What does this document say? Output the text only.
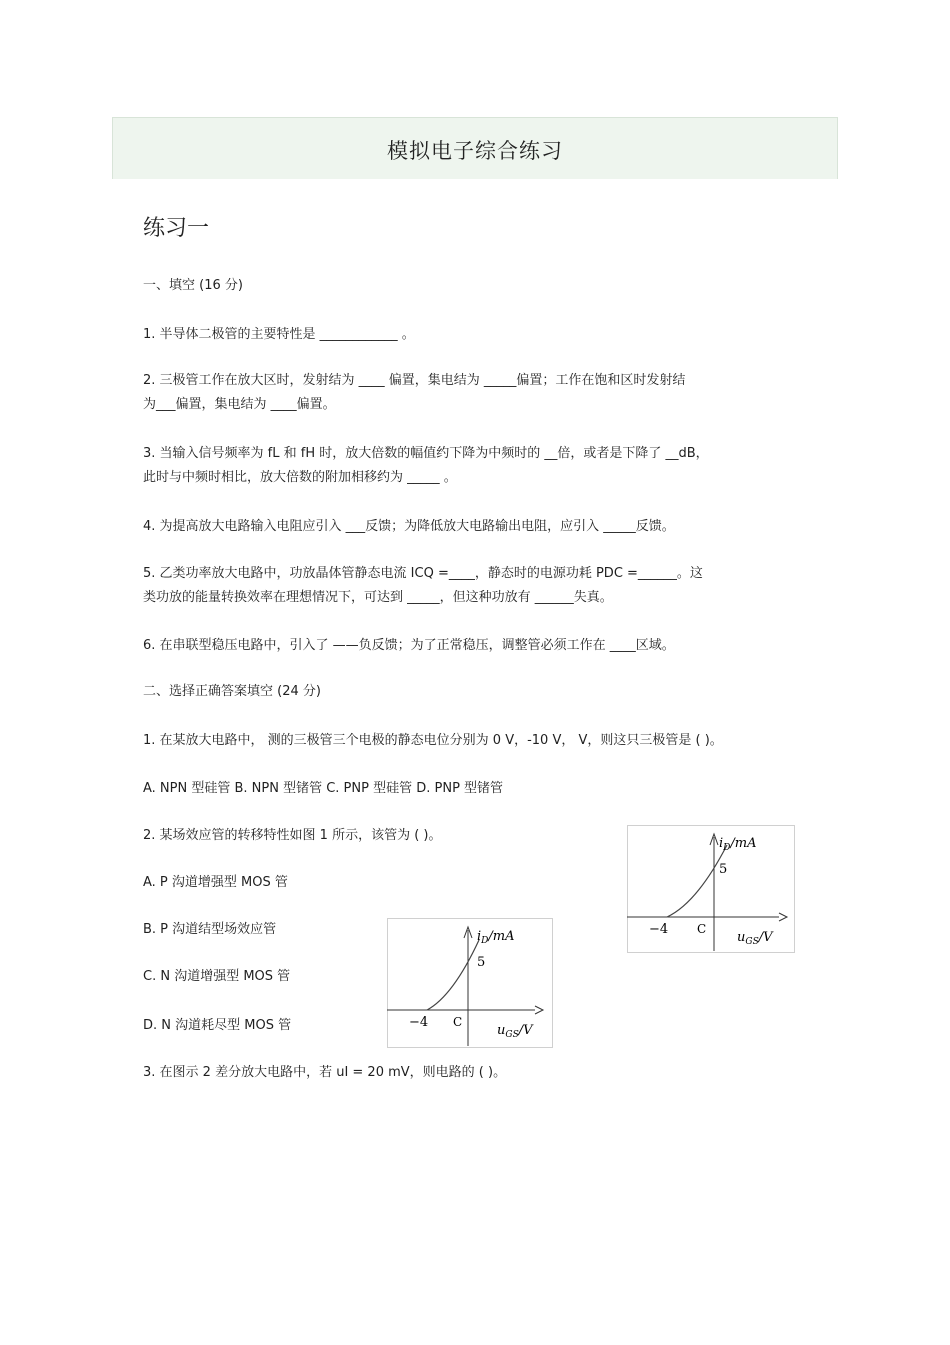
模拟电子综合练习
练习一
一、填空 (16 分)
1. 半导体二极管的主要特性是 ____________ 。
2. 三极管工作在放大区时，发射结为 ____ 偏置，集电结为 _____偏置；工作在饱和区时发射结
为___偏置，集电结为 ____偏置。
3. 当输入信号频率为 fL 和 fH 时，放大倍数的幅值约下降为中频时的 __倍，或者是下降了 __dB，
此时与中频时相比，放大倍数的附加相移约为 _____ 。
4. 为提高放大电路输入电阻应引入 ___反馈；为降低放大电路输出电阻，应引入 _____反馈。
5. 乙类功率放大电路中，功放晶体管静态电流 ICQ =____，静态时的电源功耗 PDC =______。这
类功放的能量转换效率在理想情况下，可达到 _____，但这种功放有 ______失真。
6. 在串联型稳压电路中，引入了 ——负反馈；为了正常稳压，调整管必须工作在 ____区域。
二、选择正确答案填空 (24 分)
1. 在某放大电路中， 测的三极管三个电极的静态电位分别为 0 V，-10 V， V，则这只三极管是 ( )。
A. NPN 型硅管 B. NPN 型锗管 C. PNP 型硅管 D. PNP 型锗管
2. 某场效应管的转移特性如图 1 所示，该管为 ( )。
A. P 沟道增强型 MOS 管
B. P 沟道结型场效应管
C. N 沟道增强型 MOS 管
D. N 沟道耗尽型 MOS 管
3. 在图示 2 差分放大电路中，若 uI = 20 mV，则电路的 ( )。
$i_D/mA$
5
−4 C
$u_{GS}/V$
$i_D/mA$
5
−4 C
$u_{GS}/V$
